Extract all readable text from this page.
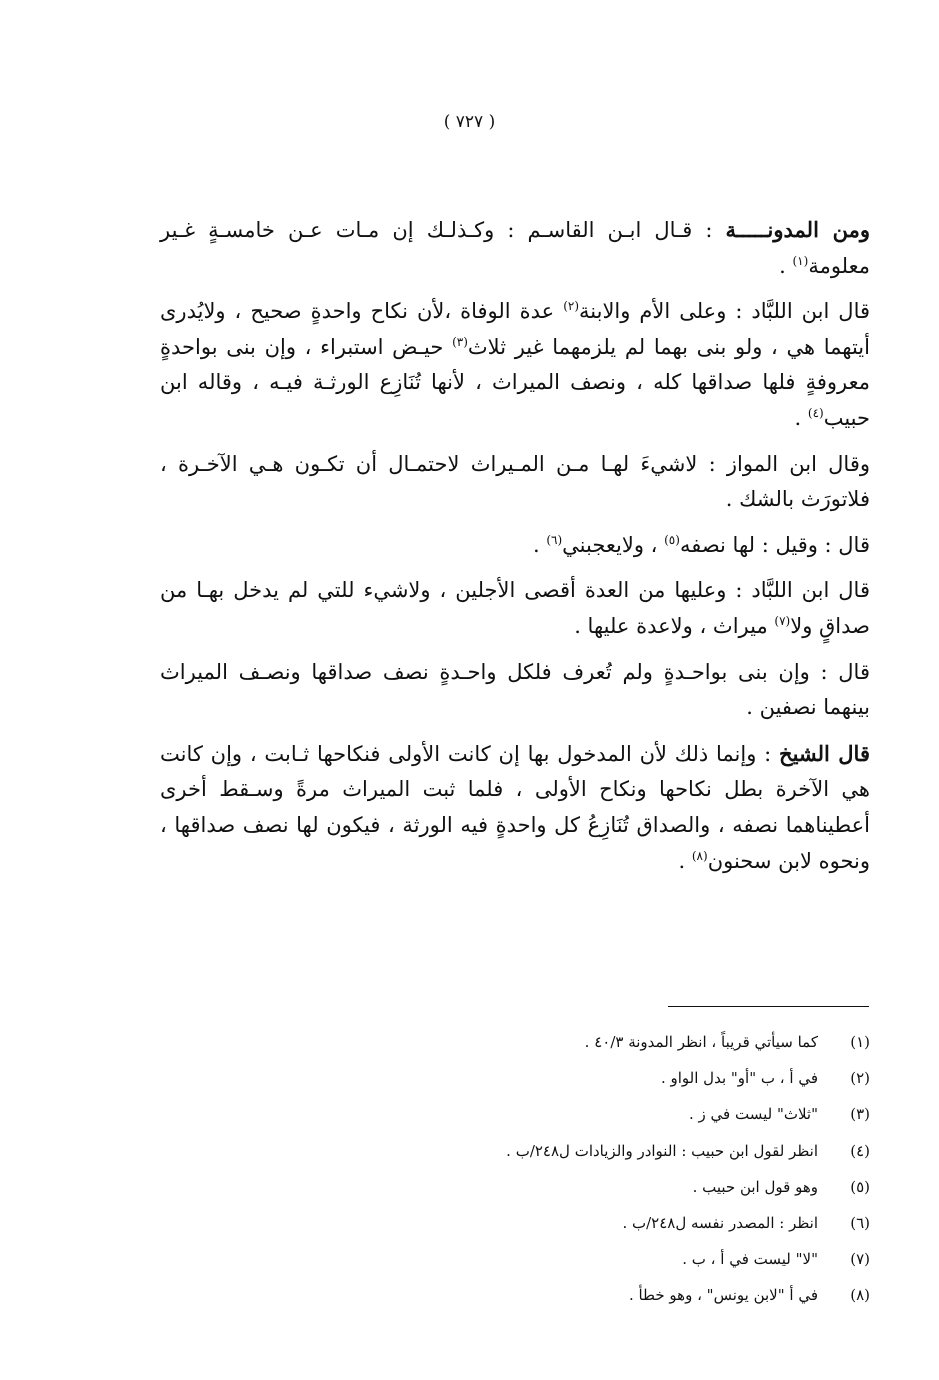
( ٧٢٧ )

ومن المدونـــــة : قـال ابـن القاسـم : وكـذلـك إن مـات عـن خامسـةٍ غـير معلومة$^{(١)}$ .

قال ابن اللبَّاد : وعلى الأم والابنة$^{(٢)}$ عدة الوفاة ،لأن نكاح واحدةٍ صحيح ، ولايُدرى أيتهما هي ، ولو بنى بهما لم يلزمهما غير ثلاث$^{(٣)}$ حيـض استبراء ، وإن بنى بواحدةٍ معروفةٍ فلها صداقها كله ، ونصف الميراث ، لأنها تُنَازِع الورثـة فيـه ، وقاله ابن حبيب$^{(٤)}$ .

وقال ابن المواز : لاشيءَ لهـا مـن المـيراث لاحتمـال أن تكـون هـي الآخـرة ، فلاتورَث بالشك .

قال : وقيل : لها نصفه$^{(٥)}$ ، ولايعجبني$^{(٦)}$ .

قال ابن اللبَّاد : وعليها من العدة أقصى الأجلين ، ولاشيء للتي لم يدخل بهـا من صداقٍ ولا$^{(٧)}$ ميراث ، ولاعدة عليها .

قال : وإن بنى بواحـدةٍ ولم تُعرف فلكل واحـدةٍ نصف صداقها ونصـف الميراث بينهما نصفين .

قال الشيخ : وإنما ذلك لأن المدخول بها إن كانت الأولى فنكاحها ثـابت ، وإن كانت هي الآخرة بطل نكاحها ونكاح الأولى ، فلما ثبت الميراث مرةً وسـقط أخرى أعطيناهما نصفه ، والصداق تُنَازِعُ كل واحدةٍ فيه الورثة ، فيكون لها نصف صداقها ، ونحوه لابن سحنون$^{(٨)}$ .

(١)
كما سيأتي قريباً ، انظر المدونة ٤٠/٣ .
(٢)
في أ ، ب "أو" بدل الواو .
(٣)
"ثلاث" ليست في ز .
(٤)
انظر لقول ابن حبيب : النوادر والزيادات ل٢٤٨/ب .
(٥)
وهو قول ابن حبيب .
(٦)
انظر : المصدر نفسه ل٢٤٨/ب .
(٧)
"لا" ليست في أ ، ب .
(٨)
في أ "لابن يونس" ، وهو خطأ .
